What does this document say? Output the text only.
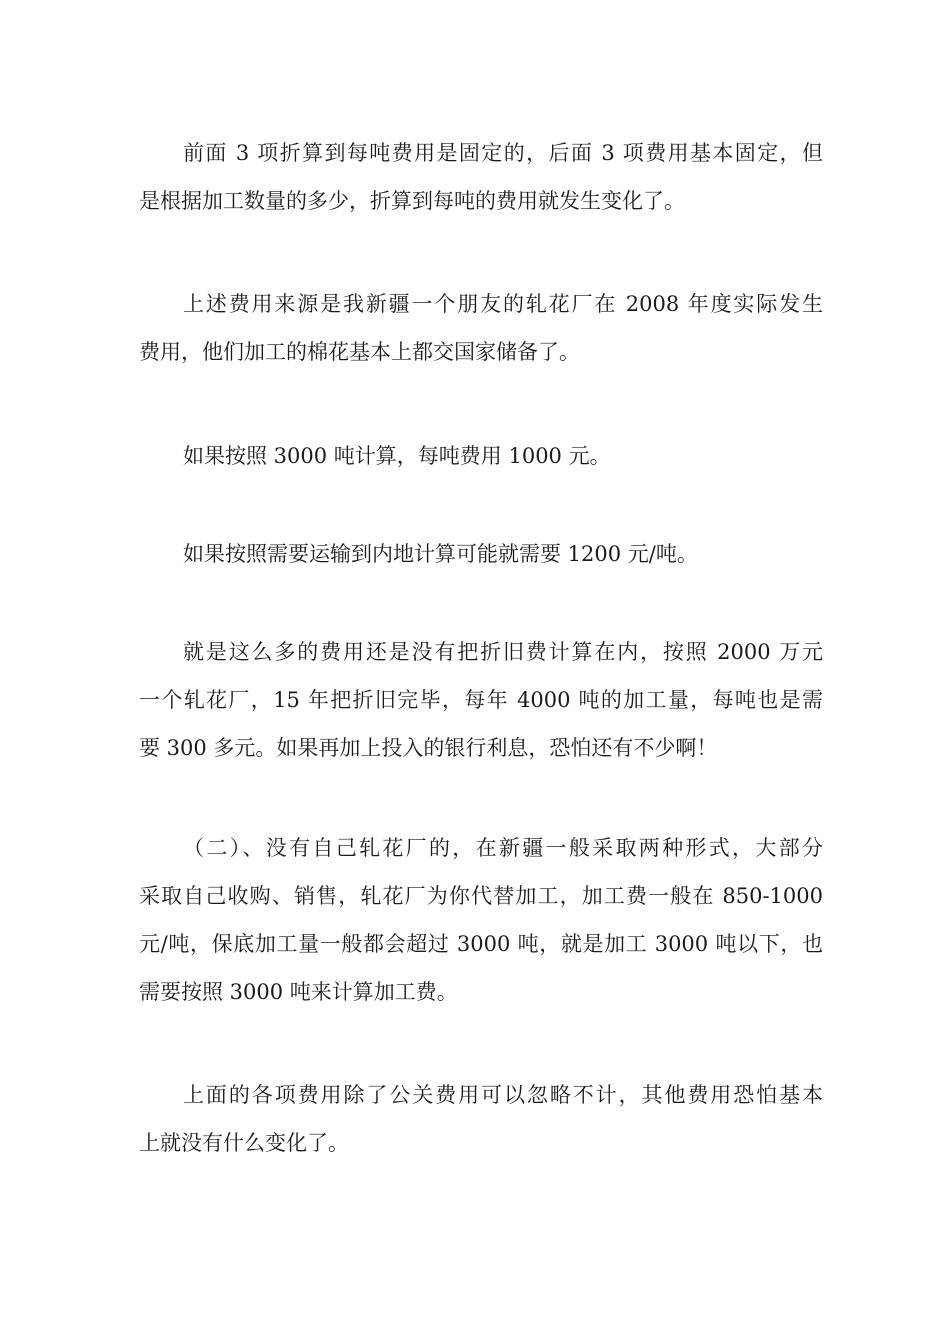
前面 3 项折算到每吨费用是固定的，后面 3 项费用基本固定，但
是根据加工数量的多少，折算到每吨的费用就发生变化了。
上述费用来源是我新疆一个朋友的轧花厂在 2008 年度实际发生
费用，他们加工的棉花基本上都交国家储备了。
如果按照 3000 吨计算，每吨费用 1000 元。
如果按照需要运输到内地计算可能就需要 1200 元/吨。
就是这么多的费用还是没有把折旧费计算在内，按照 2000 万元
一个轧花厂，15 年把折旧完毕，每年 4000 吨的加工量，每吨也是需
要 300 多元。如果再加上投入的银行利息，恐怕还有不少啊！
（二）、没有自己轧花厂的，在新疆一般采取两种形式，大部分
采取自己收购、销售，轧花厂为你代替加工，加工费一般在 850-1000
元/吨，保底加工量一般都会超过 3000 吨，就是加工 3000 吨以下，也
需要按照 3000 吨来计算加工费。
上面的各项费用除了公关费用可以忽略不计，其他费用恐怕基本
上就没有什么变化了。
